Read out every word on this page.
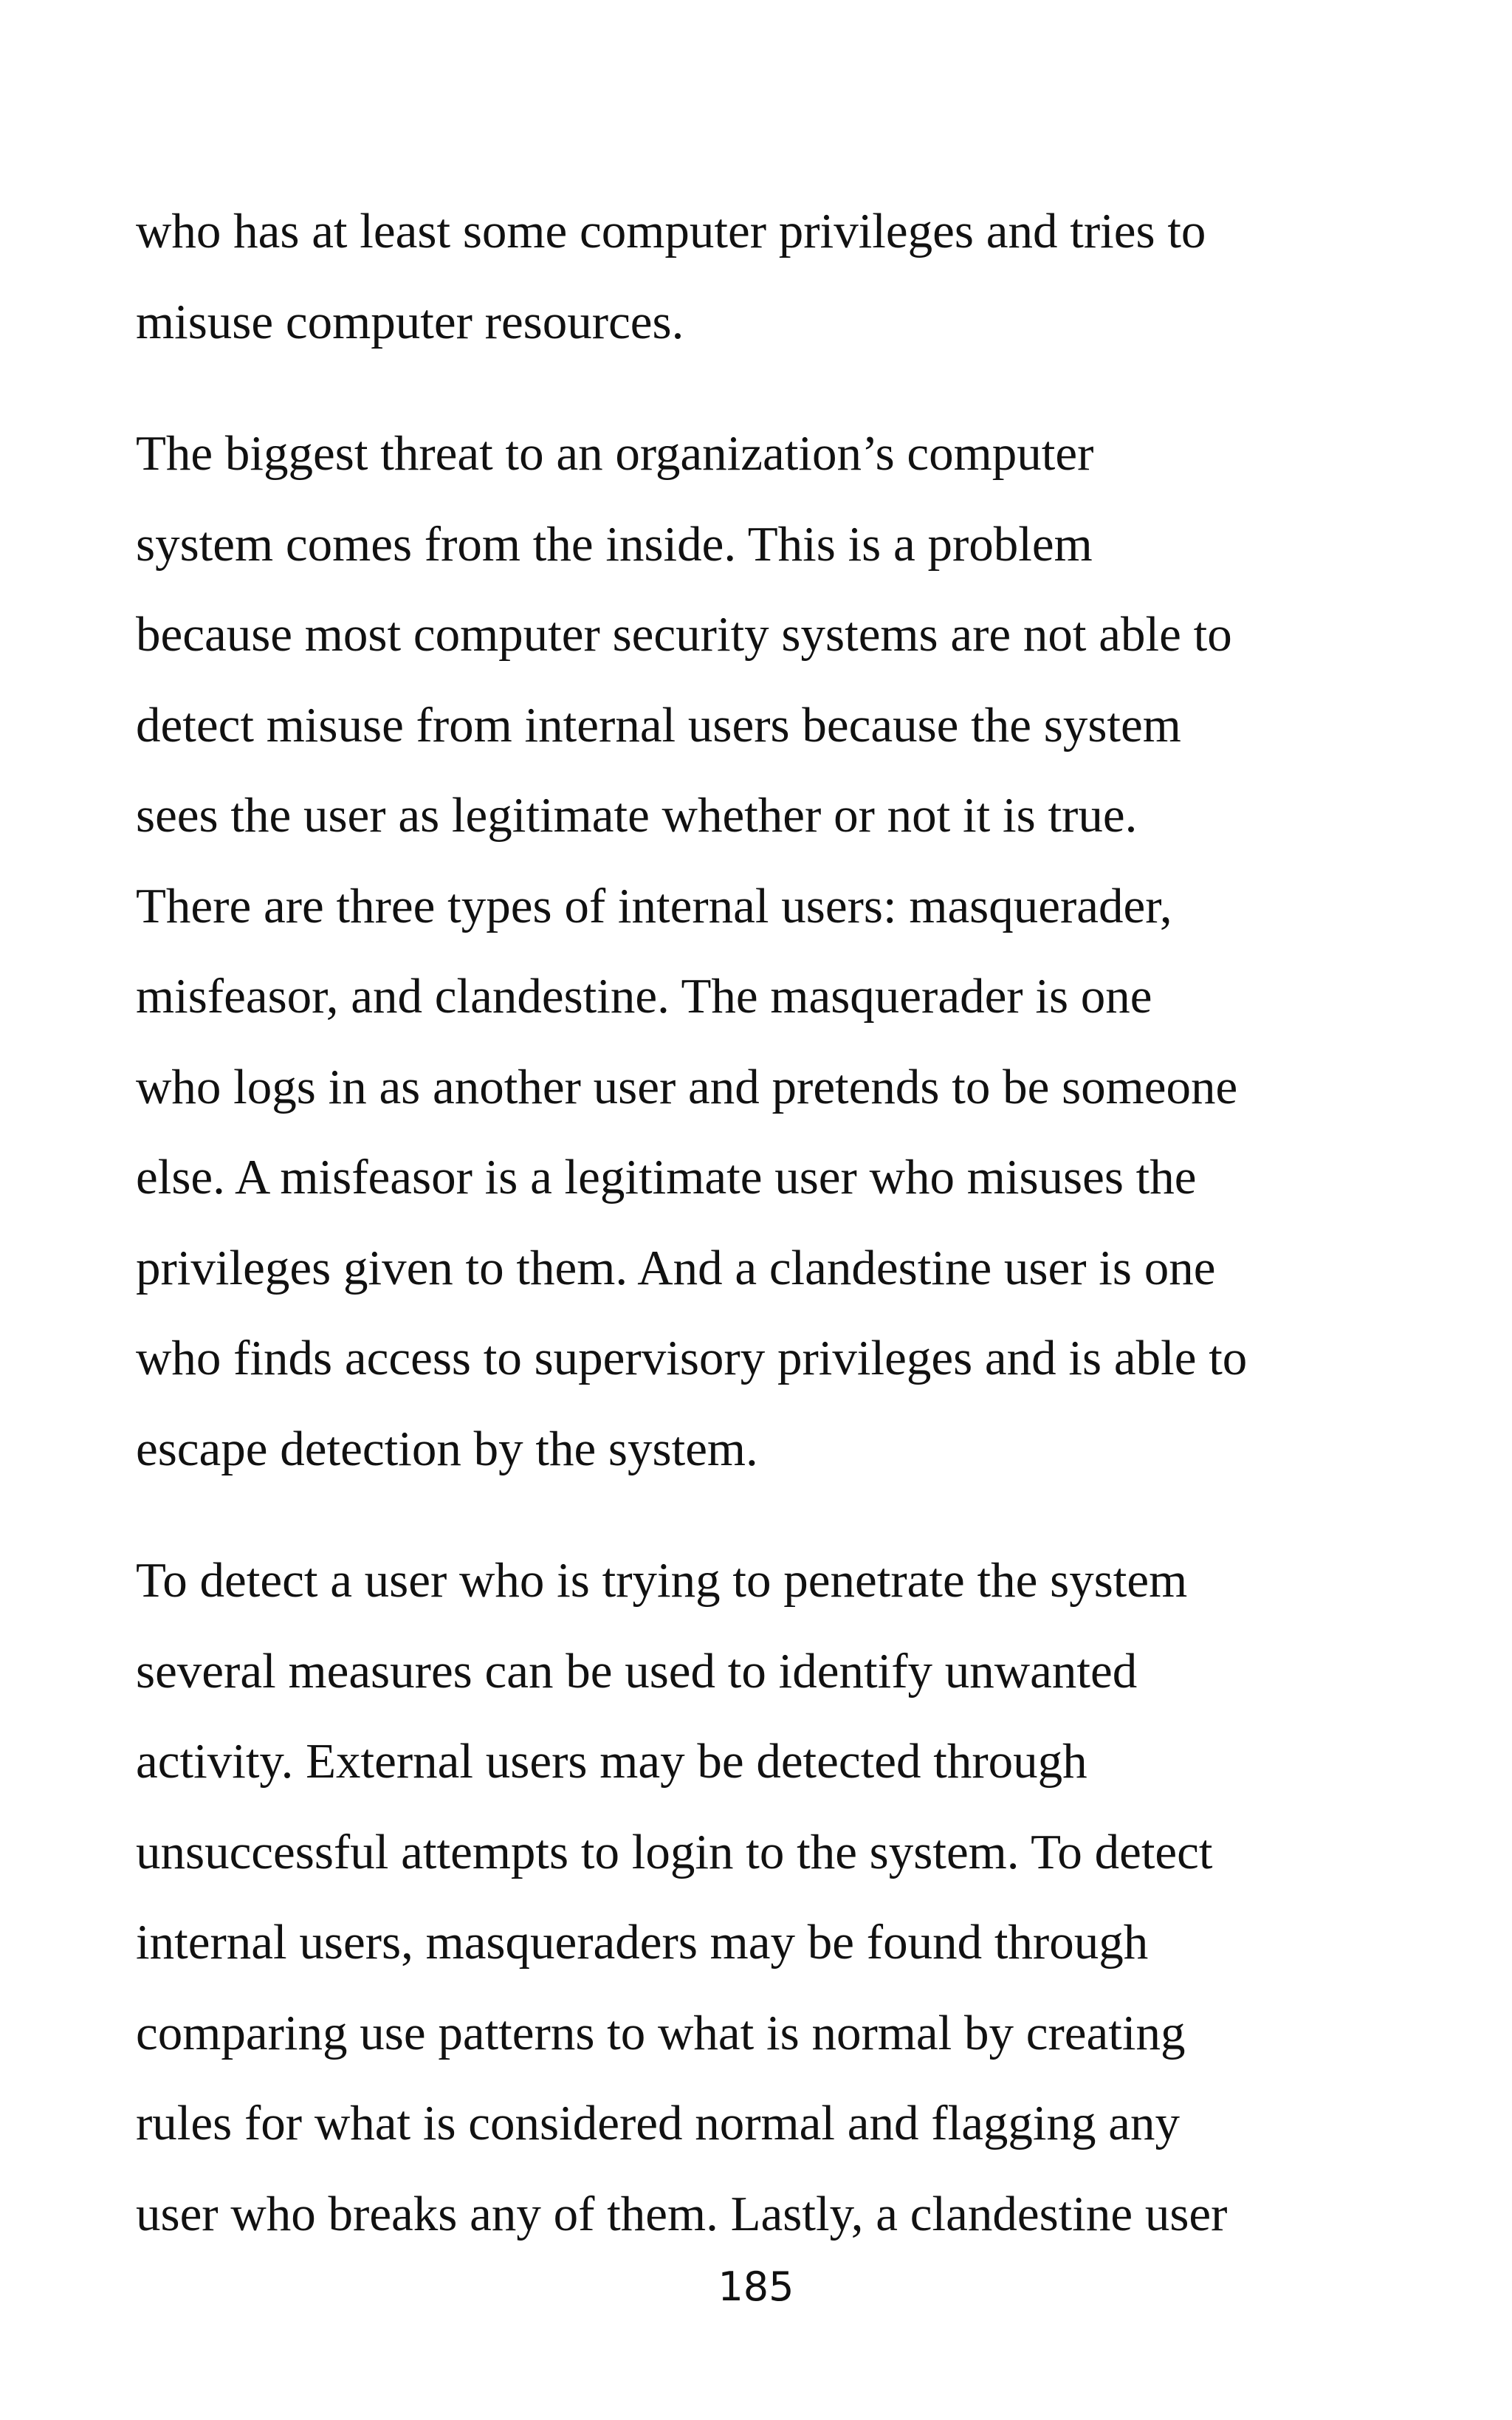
who has at least some computer privileges and tries to
misuse computer resources.

The biggest threat to an organization’s computer
system comes from the inside. This is a problem
because most computer security systems are not able to
detect misuse from internal users because the system
sees the user as legitimate whether or not it is true.
There are three types of internal users: masquerader,
misfeasor, and clandestine. The masquerader is one
who logs in as another user and pretends to be someone
else. A misfeasor is a legitimate user who misuses the
privileges given to them. And a clandestine user is one
who finds access to supervisory privileges and is able to
escape detection by the system.

To detect a user who is trying to penetrate the system
several measures can be used to identify unwanted
activity. External users may be detected through
unsuccessful attempts to login to the system. To detect
internal users, masqueraders may be found through
comparing use patterns to what is normal by creating
rules for what is considered normal and flagging any
user who breaks any of them. Lastly, a clandestine user

185
